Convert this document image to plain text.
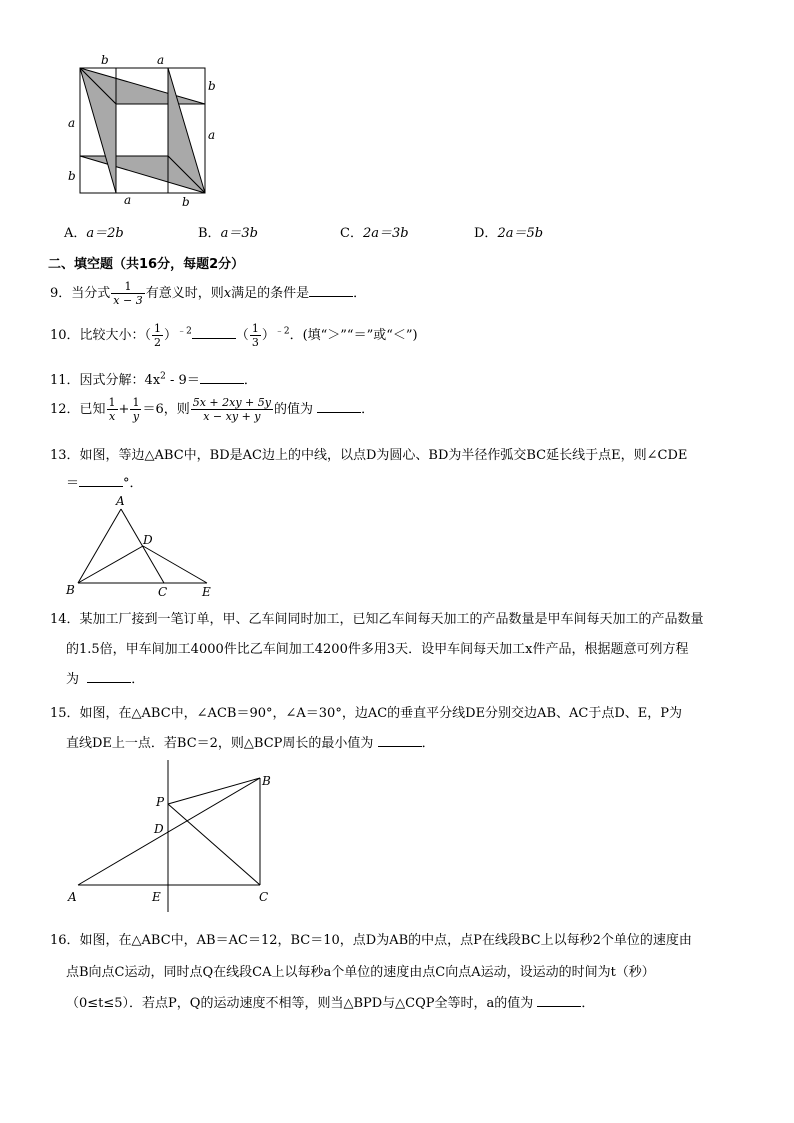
b	a
b
a
a
b
a	b
A．a＝2b	B．a＝3b	C．2a＝3b	D．2a＝5b
二、填空题（共16分，每题2分）
9．当分式 $\frac{1}{x - 3}$ 有意义时，则x满足的条件是	．
10．比较大小：（ $\frac{1}{2} )^{﹣2}$	（ $\frac{1}{3} )^{﹣2}$．(填“＞”“＝”或“＜”)
11．因式分解：$4x^2 - 9=$	．
12．已知 $\frac{1}{x} + \frac{1}{y} =6$，则 $\frac{5x + 2xy + 5y}{x - xy + y}$ 的值为	．
13．如图，等边△ABC中，BD是AC边上的中线，以点D为圆心、BD为半径作弧交BC延长线于点E，则∠CDE
＝	°．
A
B	C
D
E
14．某加工厂接到一笔订单，甲、乙车间同时加工，已知乙车间每天加工的产品数量是甲车间每天加工的产品数量
的1.5倍，甲车间加工4000件比乙车间加工4200件多用3天．设甲车间每天加工x件产品，根据题意可列方程
为	．
15．如图，在△ABC中，∠ACB＝90°，∠A＝30°，边AC的垂直平分线DE分别交边AB、AC于点D、E，P为
直线DE上一点．若BC＝2，则△BCP周长的最小值为	．
P
B
D
A	E	C
16．如图，在△ABC中，AB＝AC＝12，BC＝10，点D为AB的中点，点P在线段BC上以每秒2个单位的速度由
点B向点C运动，同时点Q在线段CA上以每秒a个单位的速度由点C向点A运动，设运动的时间为t（秒）
（0≤t≤5）．若点P，Q的运动速度不相等，则当△BPD与△CQP全等时，a的值为	．
